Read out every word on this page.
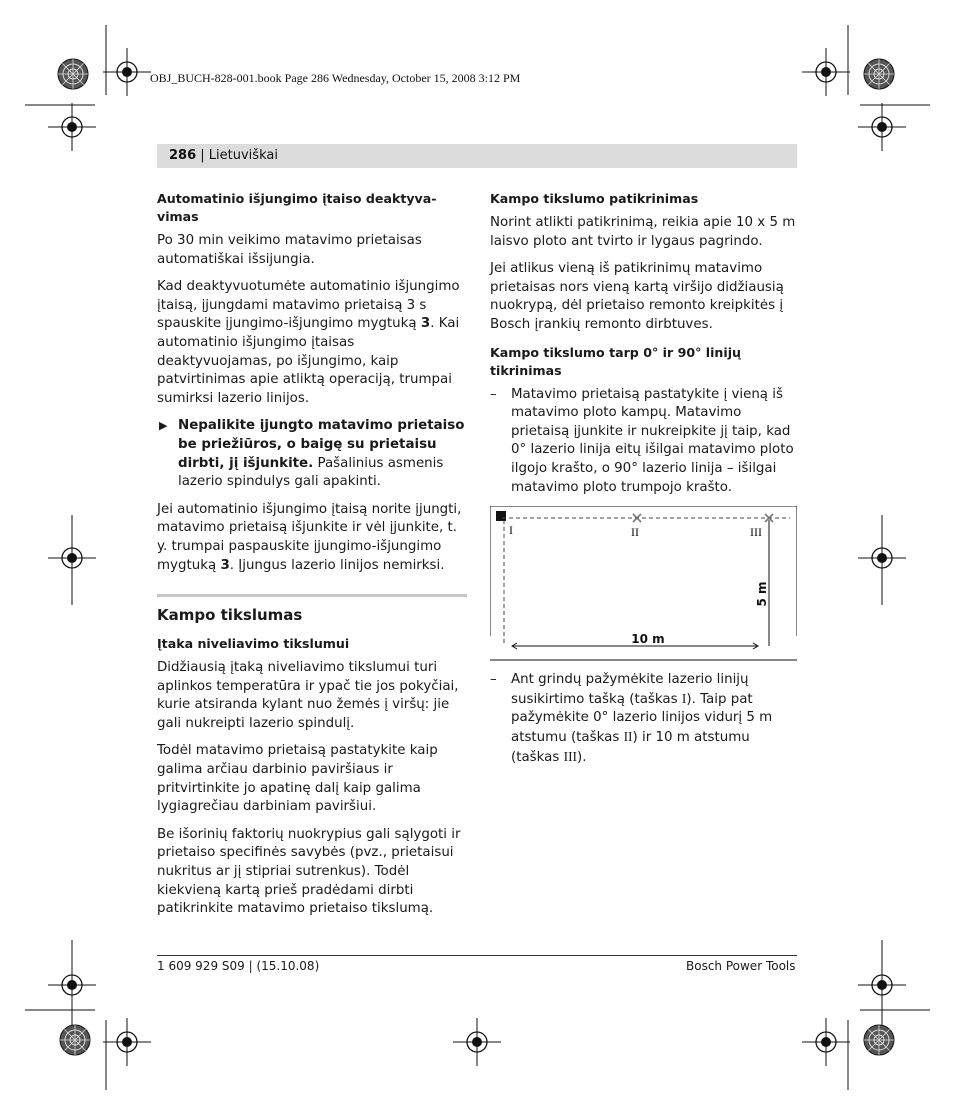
OBJ_BUCH-828-001.book Page 286 Wednesday, October 15, 2008 3:12 PM
286 | Lietuviškai
Automatinio išjungimo įtaiso deaktyva-vimas

Po 30 min veikimo matavimo prietaisas automatiškai išsijungia.

Kad deaktyvuotumėte automatinio išjungimo įtaisą, įjungdami matavimo prietaisą 3 s spauskite įjungimo-išjungimo mygtuką 3. Kai automatinio išjungimo įtaisas deaktyvuojamas, po išjungimo, kaip patvirtinimas apie atliktą operaciją, trumpai sumirksi lazerio linijos.

▶ Nepalikite įjungto matavimo prietaiso be priežiūros, o baigę su prietaisu dirbti, jį išjunkite. Pašalinius asmenis lazerio spindulys gali apakinti.

Jei automatinio išjungimo įtaisą norite įjungti, matavimo prietaisą išjunkite ir vėl įjunkite, t. y. trumpai paspauskite įjungimo-išjungimo mygtuką 3. Įjungus lazerio linijos nemirksi.

Kampo tikslumas
Įtaka niveliavimo tikslumui

Didžiausią įtaką niveliavimo tikslumui turi aplinkos temperatūra ir ypač tie jos pokyčiai, kurie atsiranda kylant nuo žemės į viršų: jie gali nukreipti lazerio spindulį.

Todėl matavimo prietaisą pastatykite kaip galima arčiau darbinio paviršiaus ir pritvirtinkite jo apatinę dalį kaip galima lygiagrečiau darbiniam paviršiui.

Be išorinių faktorių nuokrypius gali sąlygoti ir prietaiso specifinės savybės (pvz., prietaisui nukritus ar jį stipriai sutrenkus). Todėl kiekvieną kartą prieš pradėdami dirbti patikrinkite matavimo prietaiso tikslumą.

Kampo tikslumo patikrinimas

Norint atlikti patikrinimą, reikia apie 10 x 5 m laisvo ploto ant tvirto ir lygaus pagrindo.

Jei atlikus vieną iš patikrinimų matavimo prietaisas nors vieną kartą viršijo didžiausią nuokrypą, dėl prietaiso remonto kreipkitės į Bosch įrankių remonto dirbtuves.

Kampo tikslumo tarp 0° ir 90° linijų tikrinimas

– Matavimo prietaisą pastatykite į vieną iš matavimo ploto kampų. Matavimo prietaisą įjunkite ir nukreipkite jį taip, kad 0° lazerio linija eitų išilgai matavimo ploto ilgojo krašto, o 90° lazerio linija – išilgai matavimo ploto trumpojo krašto.

I	II	III
5 m
10 m

– Ant grindų pažymėkite lazerio linijų susikirtimo tašką (taškas I). Taip pat pažymėkite 0° lazerio linijos vidurį 5 m atstumu (taškas II) ir 10 m atstumu (taškas III).

1 609 929 S09 | (15.10.08)	Bosch Power Tools
